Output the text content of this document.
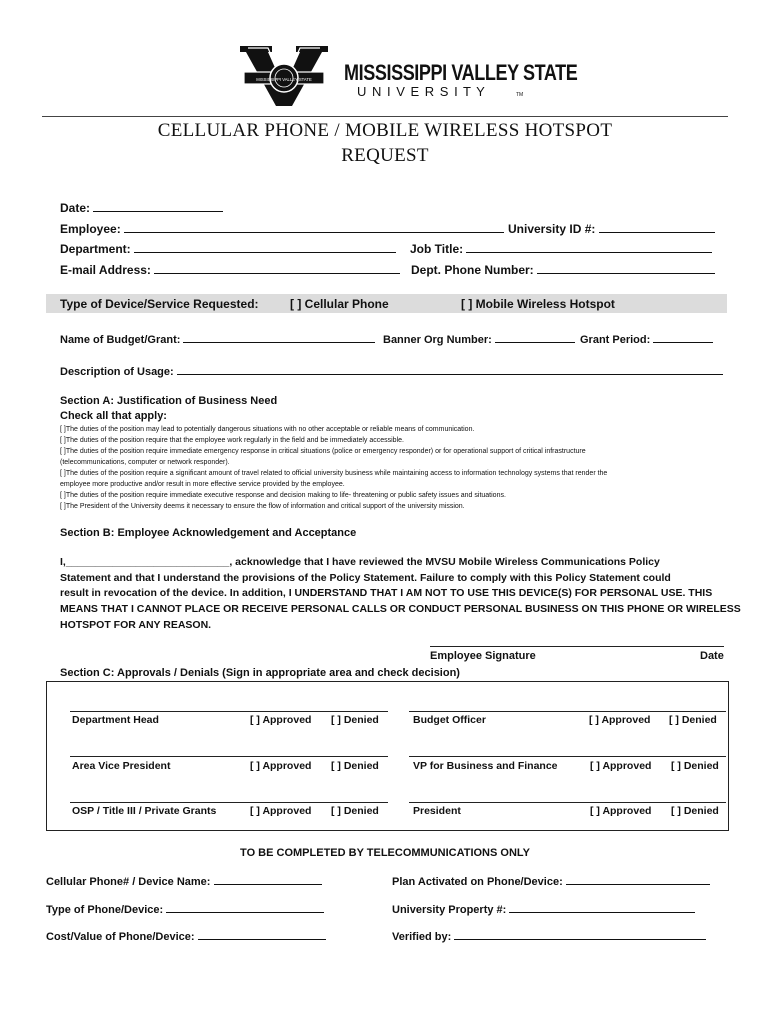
MISSISSIPPI VALLEY STATE MISSISSIPPI VALLEY STATE
U N I V E R S I T Y	TM
CELLULAR PHONE / MOBILE WIRELESS HOTSPOT
REQUEST
Date:
Employee:	University ID #:
Department:	Job Title:
E-mail Address:	Dept. Phone Number:
Type of Device/Service Requested:	[ ] Cellular Phone	[ ] Mobile Wireless Hotspot
Name of Budget/Grant:	Banner Org Number:	Grant Period:
Description of Usage:
Section A: Justification of Business Need
Check all that apply:
[ ]The duties of the position may lead to potentially dangerous situations with no other acceptable or reliable means of communication.
[ ]The duties of the position require that the employee work regularly in the field and be immediately accessible.
[ ]The duties of the position require immediate emergency response in critical situations (police or emergency responder) or for operational support of critical infrastructure
(telecommunications, computer or network responder).
[ ]The duties of the position require a significant amount of travel related to official university business while maintaining access to information technology systems that render the
employee more productive and/or result in more effective service provided by the employee.
[ ]The duties of the position require immediate executive response and decision making to life- threatening or public safety issues and situations.
[ ]The President of the University deems it necessary to ensure the flow of information and critical support of the university mission.
Section B: Employee Acknowledgement and Acceptance
I,____________________________, acknowledge that I have reviewed the MVSU Mobile Wireless Communications Policy
Statement and that I understand the provisions of the Policy Statement. Failure to comply with this Policy Statement could
result in revocation of the device. In addition, I UNDERSTAND THAT I AM NOT TO USE THIS DEVICE(S) FOR PERSONAL USE. THIS
MEANS THAT I CANNOT PLACE OR RECEIVE PERSONAL CALLS OR CONDUCT PERSONAL BUSINESS ON THIS PHONE OR WIRELESS
HOTSPOT FOR ANY REASON.
Employee Signature	Date
Section C: Approvals / Denials (Sign in appropriate area and check decision)
Department Head	[ ] Approved [ ] Denied	Budget Officer	[ ] Approved [ ] Denied
Area Vice President	[ ] Approved [ ] Denied	VP for Business and Finance	[ ] Approved [ ] Denied
OSP / Title III / Private Grants	[ ] Approved [ ] Denied	President	[ ] Approved [ ] Denied
TO BE COMPLETED BY TELECOMMUNICATIONS ONLY
Cellular Phone# / Device Name:	Plan Activated on Phone/Device:
Type of Phone/Device:	University Property #:
Cost/Value of Phone/Device:	Verified by:
